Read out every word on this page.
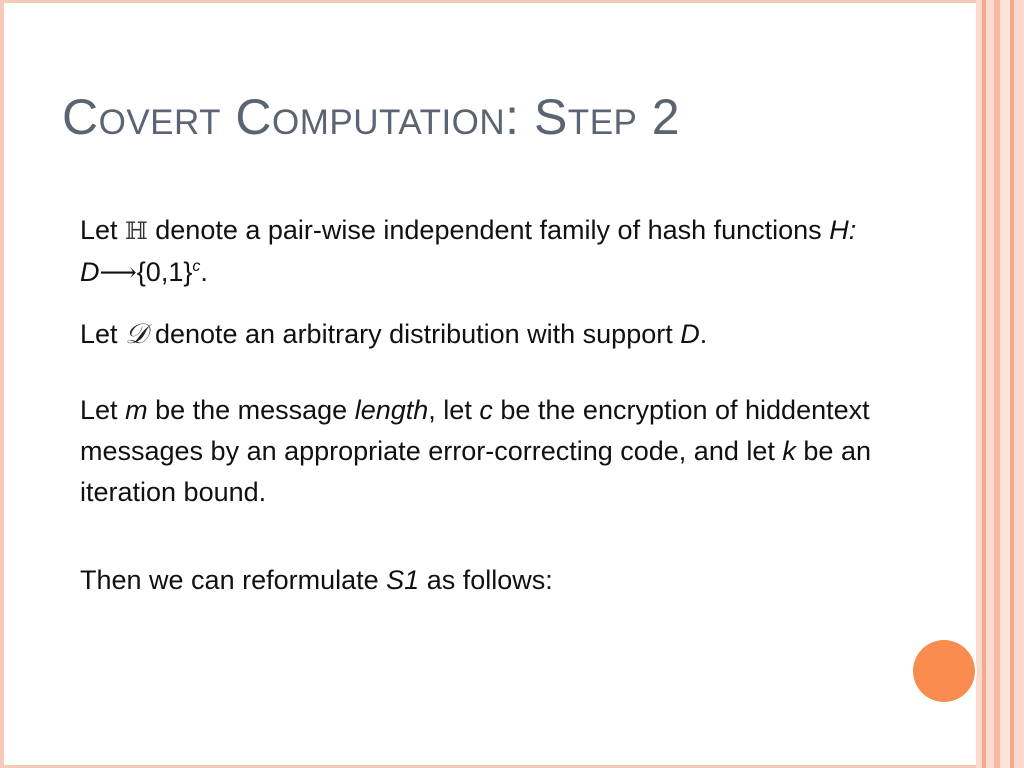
Covert Computation: Step 2

Let ℍ denote a pair-wise independent family of hash functions H: $D⟶\{0,1\}^c$.

Let 𝒟 denote an arbitrary distribution with support D.

Let m be the message length, let c be the encryption of hiddentext messages by an appropriate error-correcting code, and let k be an iteration bound.

Then we can reformulate S1 as follows:
